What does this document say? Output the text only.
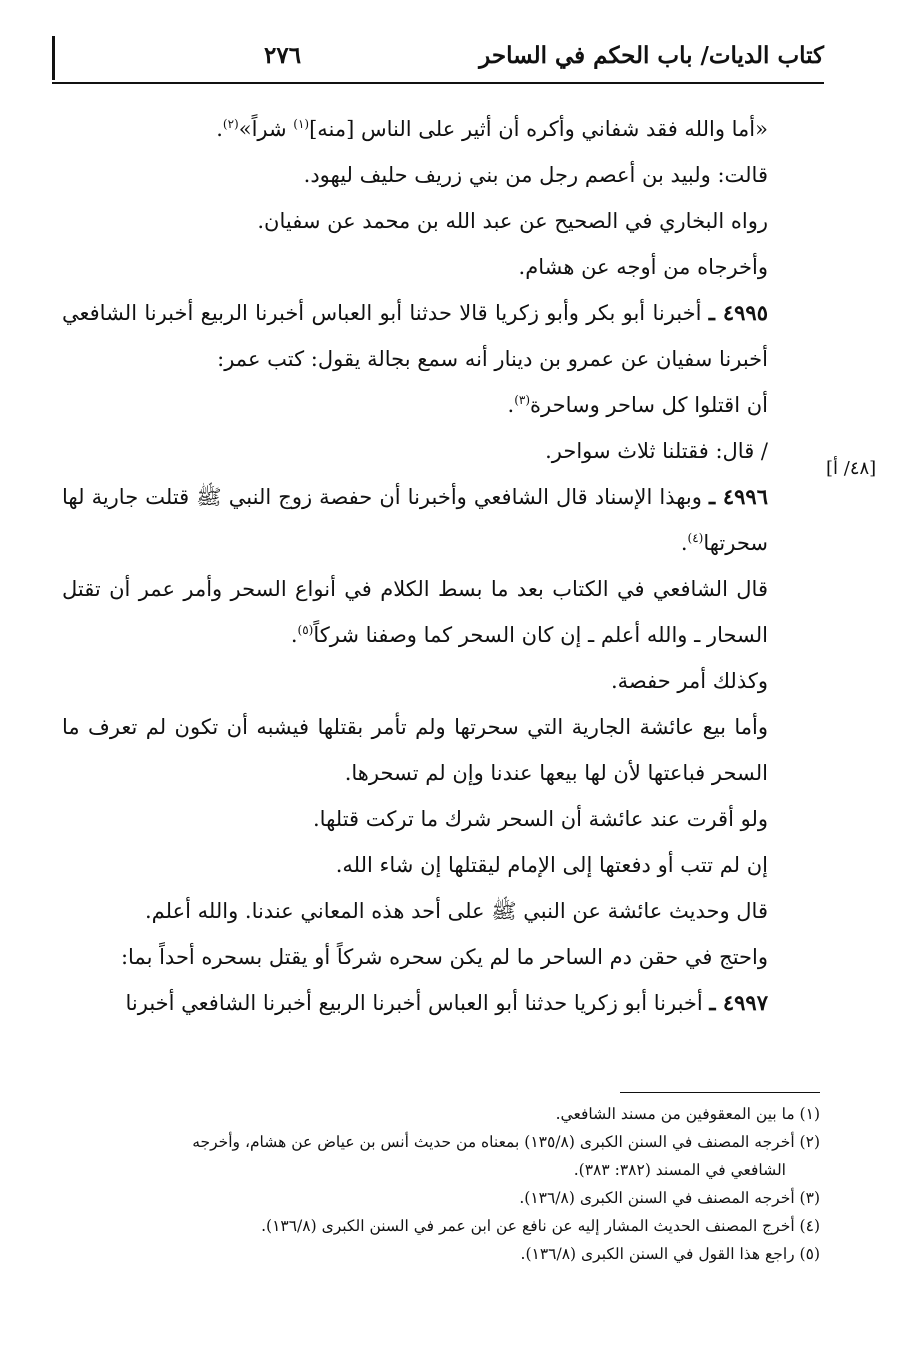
كتاب الديات/ باب الحكم في الساحر
٢٧٦
[٤٨/ أ]

«أما والله فقد شفاني وأكره أن أثير على الناس [منه]$^{(١)}$ شراً»$^{(٢)}$.

قالت: ولبيد بن أعصم رجل من بني زريف حليف ليهود.

رواه البخاري في الصحيح عن عبد الله بن محمد عن سفيان.

وأخرجاه من أوجه عن هشام.

٤٩٩٥ ـ أخبرنا أبو بكر وأبو زكريا قالا حدثنا أبو العباس أخبرنا الربيع أخبرنا الشافعي أخبرنا سفيان عن عمرو بن دينار أنه سمع بجالة يقول: كتب عمر:

أن اقتلوا كل ساحر وساحرة$^{(٣)}$.

/ قال: فقتلنا ثلاث سواحر.

٤٩٩٦ ـ وبهذا الإسناد قال الشافعي وأخبرنا أن حفصة زوج النبي ﷺ قتلت جارية لها سحرتها$^{(٤)}$.

قال الشافعي في الكتاب بعد ما بسط الكلام في أنواع السحر وأمر عمر أن تقتل السحار ـ والله أعلم ـ إن كان السحر كما وصفنا شركاً$^{(٥)}$.

وكذلك أمر حفصة.

وأما بيع عائشة الجارية التي سحرتها ولم تأمر بقتلها فيشبه أن تكون لم تعرف ما السحر فباعتها لأن لها بيعها عندنا وإن لم تسحرها.

ولو أقرت عند عائشة أن السحر شرك ما تركت قتلها.

إن لم تتب أو دفعتها إلى الإمام ليقتلها إن شاء الله.

قال وحديث عائشة عن النبي ﷺ على أحد هذه المعاني عندنا. والله أعلم.

واحتج في حقن دم الساحر ما لم يكن سحره شركاً أو يقتل بسحره أحداً بما:

٤٩٩٧ ـ أخبرنا أبو زكريا حدثنا أبو العباس أخبرنا الربيع أخبرنا الشافعي أخبرنا

(١) ما بين المعقوفين من مسند الشافعي.

(٢) أخرجه المصنف في السنن الكبرى (١٣٥/٨) بمعناه من حديث أنس بن عياض عن هشام، وأخرجه

الشافعي في المسند (٣٨٢: ٣٨٣).

(٣) أخرجه المصنف في السنن الكبرى (١٣٦/٨).

(٤) أخرج المصنف الحديث المشار إليه عن نافع عن ابن عمر في السنن الكبرى (١٣٦/٨).

(٥) راجع هذا القول في السنن الكبرى (١٣٦/٨).
